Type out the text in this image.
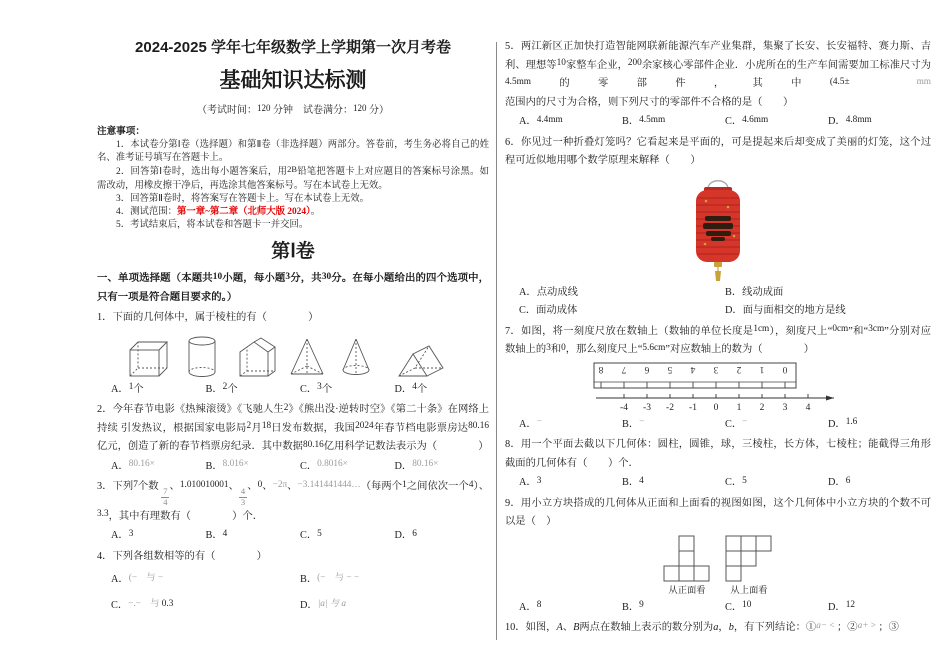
2024-2025 学年七年级数学上学期第一次月考卷
基础知识达标测
（考试时间：120 分钟　试卷满分：120 分）
注意事项：
1．本试卷分第Ⅰ卷（选择题）和第Ⅱ卷（非选择题）两部分。答卷前，考生务必将自己的姓名、准考证号填写在答题卡上。
2．回答第Ⅰ卷时，选出每小题答案后，用2B铅笔把答题卡上对应题目的答案标号涂黑。如需改动，用橡皮擦干净后，再选涂其他答案标号。写在本试卷上无效。
3．回答第Ⅱ卷时，将答案写在答题卡上。写在本试卷上无效。
4．测试范围：第一章~第二章（北师大版 2024）。
5．考试结束后，将本试卷和答题卡一并交回。
第Ⅰ卷
一、单项选择题（本题共10小题，每小题3分，共30分。在每小题给出的四个选项中，只有一项是符合题目要求的。）
1．下面的几何体中，属于棱柱的有（　　　　）
A．1个	B．2个	C．3个	D．4个
2．今年春节电影《热辣滚烫》《飞驰人生2》《熊出没·逆转时空》《第二十条》在网络上持续 引发热议，根据国家电影局2月18日发布数据，我国2024年春节档电影票房达80.16亿元，创造了新的春节档票房纪录．其中数据80.16亿用科学记数法表示为（　　　　）
A．80.16×	B．8.016×	C．0.8016×	D．80.16×
3．下列7个数
$\frac{7}{4}$
、1.010010001、
$\frac{4}{3}$
、0、−2π、−3.141441444…（每两个1之间依次一个4）、3.3，其中有理数有（　　　　）个．
A．3	B．4	C．5	D．6
4．下列各组数相等的有（　　　　）
A．(−　与 −	B．(−　与 − −
C．−.−　与 0.3	D．|a| 与 a
5．两江新区正加快打造智能网联新能源汽车产业集群，集聚了长安、长安福特、赛力斯、吉利、理想等10家整车企业，200余家核心零部件企业．小虎所在的生产车间需要加工标准尺寸为4.5mm的零部件，其中(4.5±　	mm范围内的尺寸为合格，则下列尺寸的零部件不合格的是（　　）
A．4.4mm	B．4.5mm	C．4.6mm	D．4.8mm
6．你见过一种折叠灯笼吗？它看起来是平面的，可是提起来后却变成了美丽的灯笼，这个过程可近似地用哪个数学原理来解释（　　）
A．点动成线	B．线动成面
C．面动成体	D．面与面相交的地方是线
7．如图，将一刻度尺放在数轴上（数轴的单位长度是1cm），刻度尺上“0cm”和“3cm”分别对应数轴上的3和0，那么刻度尺上“5.6cm”对应数轴上的数为（　　　　）
8 7 6 5 4 3 2 1 0
-4 -3 -2 -1 0 1 2 3 4
A．−	B．−	C．−	D．1.6
8．用一个平面去截以下几何体：圆柱，圆锥，球，三棱柱，长方体，七棱柱；能截得三角形截面的几何体有（　　）个．
A．3	B．4	C．5	D．6
9．用小立方块搭成的几何体从正面和上面看的视图如图，这个几何体中小立方块的个数不可以是（　）
从正面看	从上面看
A．8	B．9	C．10	D．12
10．如图，A、B两点在数轴上表示的数分别为a，b，有下列结论：①a− < ；②a+ > ；③
